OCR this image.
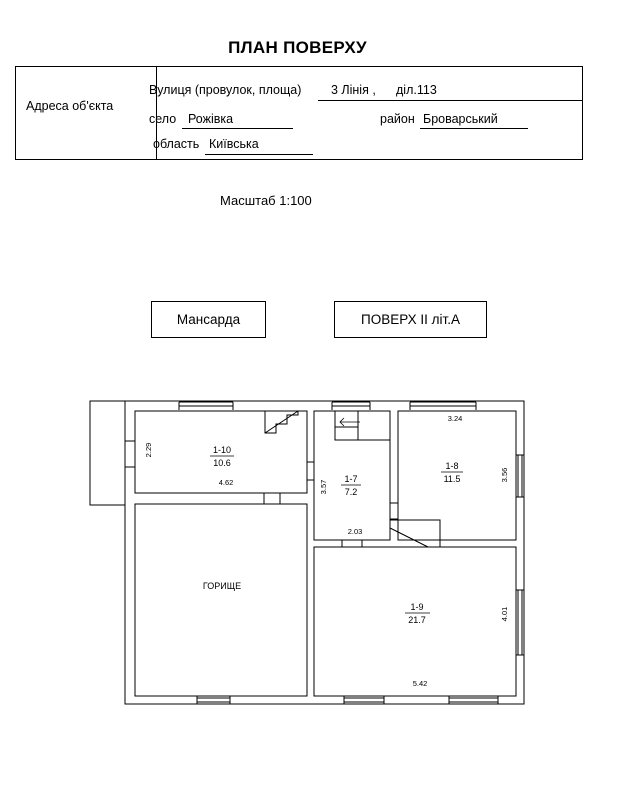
ПЛАН ПОВЕРХУ
Адреса об'єкта
Вулиця (провулок, площа) 3 Лінія , діл.113
село Рожівка	район Броварський
область Київська
Масштаб 1:100
Мансарда	ПОВЕРХ ІІ літ.А
1-10
10.6
1-7
7.2
1-8
11.5
1-9
21.7
ГОРИЩЕ
2.29
4.62	3.57
2.03
3.24
3.56
4.01
5.42
